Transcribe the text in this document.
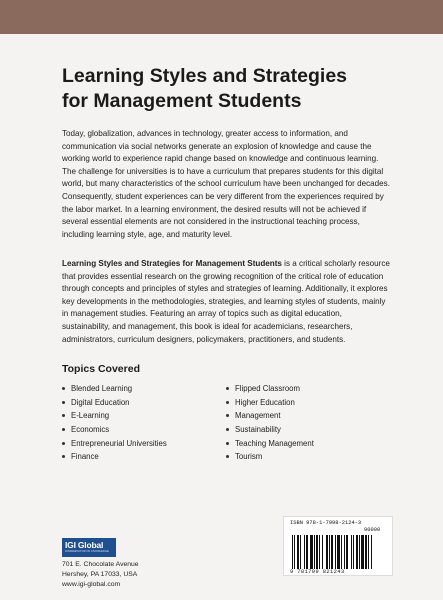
Learning Styles and Strategies
for Management Students

Today, globalization, advances in technology, greater access to information, and communication via social networks generate an explosion of knowledge and cause the working world to experience rapid change based on knowledge and continuous learning. The challenge for universities is to have a curriculum that prepares students for this digital world, but many characteristics of the school curriculum have been unchanged for decades. Consequently, student experiences can be very different from the experiences required by the labor market. In a learning environment, the desired results will not be achieved if several essential elements are not considered in the instructional teaching process, including learning style, age, and maturity level.

Learning Styles and Strategies for Management Students is a critical scholarly resource that provides essential research on the growing recognition of the critical role of education through concepts and principles of styles and strategies of learning. Additionally, it explores key developments in the methodologies, strategies, and learning styles of students, mainly in management studies. Featuring an array of topics such as digital education, sustainability, and management, this book is ideal for academicians, researchers, administrators, curriculum designers, policymakers, practitioners, and students.

Topics Covered
Blended Learning
Digital Education
E-Learning
Economics
Entrepreneurial Universities
Finance
Flipped Classroom
Higher Education
Management
Sustainability
Teaching Management
Tourism
IGI Global
DISSEMINATOR OF KNOWLEDGE
701 E. Chocolate Avenue
Hershey, PA 17033, USA
www.igi-global.com
ISBN 978-1-7998-2124-3
90000
9 781799 821243
